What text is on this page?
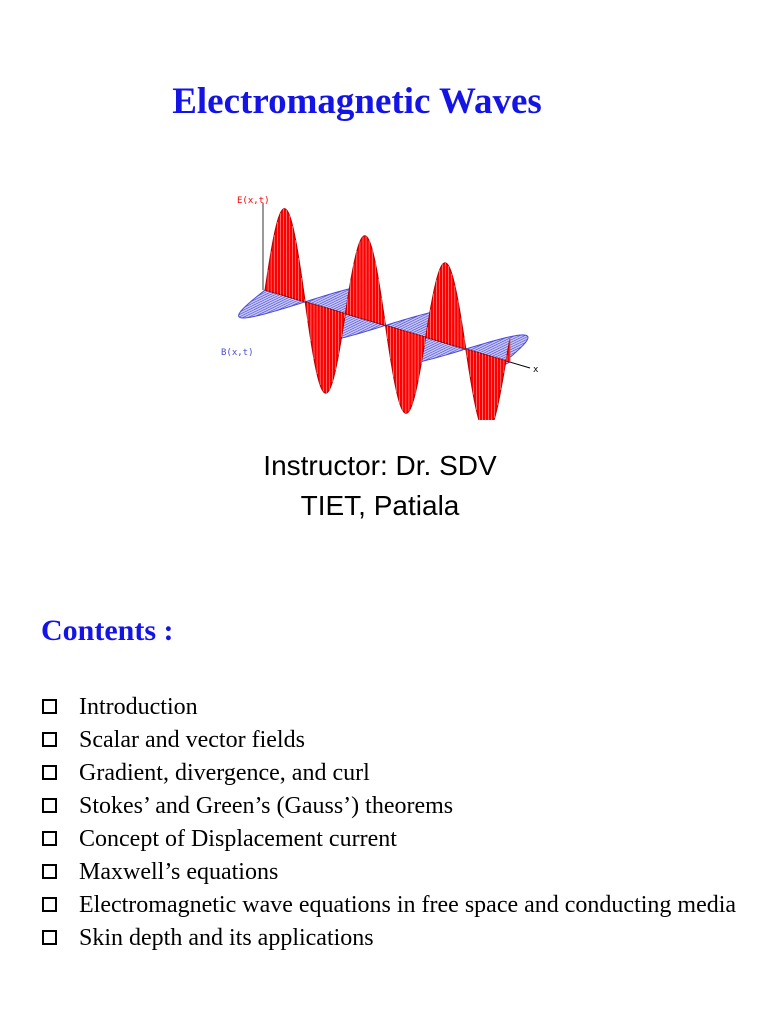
Electromagnetic Waves
E(x,t)
B(x,t)
x
Instructor: Dr. SDV
TIET, Patiala
Contents :
Introduction
Scalar and vector fields
Gradient, divergence, and curl
Stokes’ and Green’s (Gauss’) theorems
Concept of Displacement current
Maxwell’s equations
Electromagnetic wave equations in free space and conducting media
Skin depth and its applications
